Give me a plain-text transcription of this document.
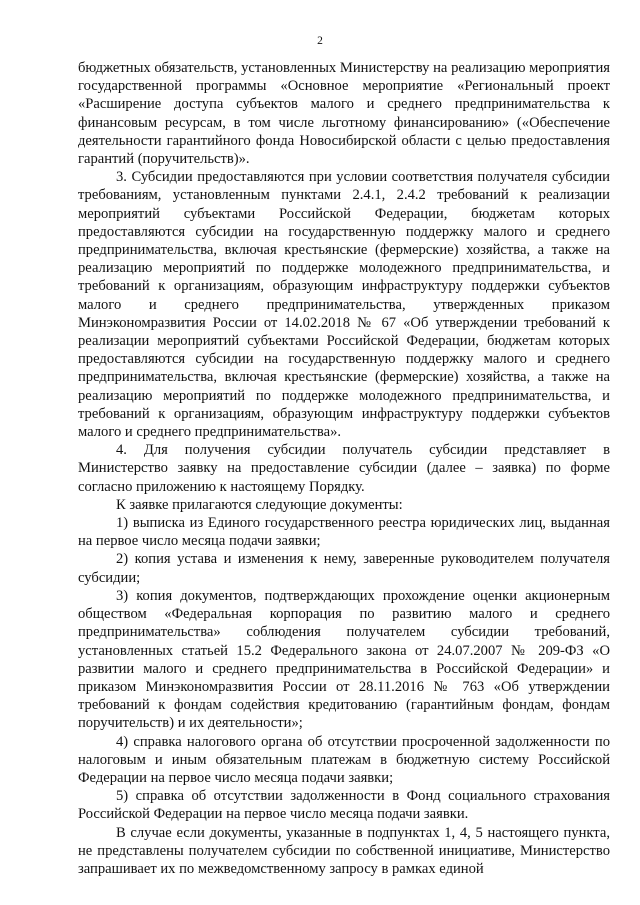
2

бюджетных обязательств, установленных Министерству на реализацию мероприятия государственной программы «Основное мероприятие «Региональный проект «Расширение доступа субъектов малого и среднего предпринимательства к финансовым ресурсам, в том числе льготному финансированию» («Обеспечение деятельности гарантийного фонда Новосибирской области с целью предоставления гарантий (поручительств)».

3. Субсидии предоставляются при условии соответствия получателя субсидии требованиям, установленным пунктами 2.4.1, 2.4.2 требований к реализации мероприятий субъектами Российской Федерации, бюджетам которых предоставляются субсидии на государственную поддержку малого и среднего предпринимательства, включая крестьянские (фермерские) хозяйства, а также на реализацию мероприятий по поддержке молодежного предпринимательства, и требований к организациям, образующим инфраструктуру поддержки субъектов малого и среднего предпринимательства, утвержденных приказом Минэкономразвития России от 14.02.2018 № 67 «Об утверждении требований к реализации мероприятий субъектами Российской Федерации, бюджетам которых предоставляются субсидии на государственную поддержку малого и среднего предпринимательства, включая крестьянские (фермерские) хозяйства, а также на реализацию мероприятий по поддержке молодежного предпринимательства, и требований к организациям, образующим инфраструктуру поддержки субъектов малого и среднего предпринимательства».

4. Для получения субсидии получатель субсидии представляет в Министерство заявку на предоставление субсидии (далее – заявка) по форме согласно приложению к настоящему Порядку.

К заявке прилагаются следующие документы:

1) выписка из Единого государственного реестра юридических лиц, выданная на первое число месяца подачи заявки;

2) копия устава и изменения к нему, заверенные руководителем получателя субсидии;

3) копия документов, подтверждающих прохождение оценки акционерным обществом «Федеральная корпорация по развитию малого и среднего предпринимательства» соблюдения получателем субсидии требований, установленных статьей 15.2 Федерального закона от 24.07.2007 № 209-ФЗ «О развитии малого и среднего предпринимательства в Российской Федерации» и приказом Минэкономразвития России от 28.11.2016 № 763 «Об утверждении требований к фондам содействия кредитованию (гарантийным фондам, фондам поручительств) и их деятельности»;

4) справка налогового органа об отсутствии просроченной задолженности по налоговым и иным обязательным платежам в бюджетную систему Российской Федерации на первое число месяца подачи заявки;

5) справка об отсутствии задолженности в Фонд социального страхования Российской Федерации на первое число месяца подачи заявки.

В случае если документы, указанные в подпунктах 1, 4, 5 настоящего пункта, не представлены получателем субсидии по собственной инициативе, Министерство запрашивает их по межведомственному запросу в рамках единой
